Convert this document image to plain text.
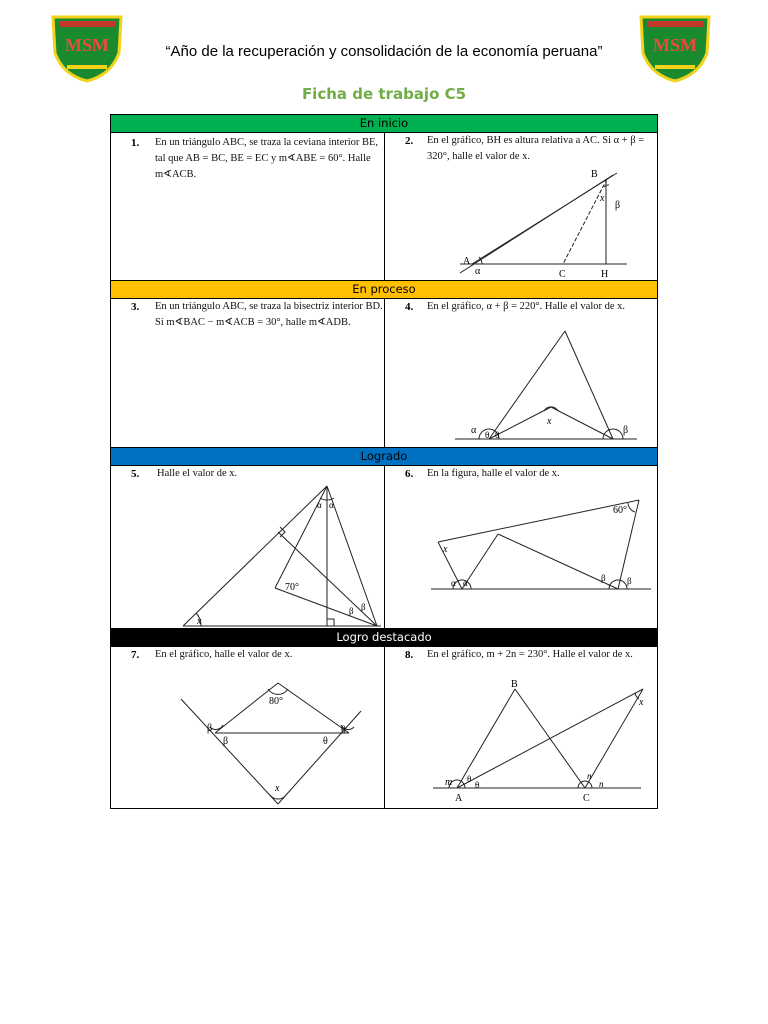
MSM	MSM
“Año de la recuperación y consolidación de la economía peruana”
Ficha de trabajo C5
En inicio
1. En un triángulo ABC, se traza la ceviana interior BE, tal que AB = BC, BE = EC y m∢ABE = 60°. Halle m∢ACB.
2. En el gráfico, BH es altura relativa a AC. Si α + β = 320°, halle el valor de x.
B
A
C	H
α
β
x
En proceso
3. En un triángulo ABC, se traza la bisectriz interior BD. Si m∢BAC − m∢ACB = 30°, halle m∢ADB.
4. En el gráfico, α + β = 220°. Halle el valor de x.
α θ θ	β
x
Logrado
5. Halle el valor de x.
α α
70°
β β
x
6. En la figura, halle el valor de x.
60°
x
α α	β β
Logro destacado
7. En el gráfico, halle el valor de x.
80°
β
β
θ
θ
x
8. En el gráfico, m + 2n = 230°. Halle el valor de x.
B
A	C
m θ
θ
n
n
x
